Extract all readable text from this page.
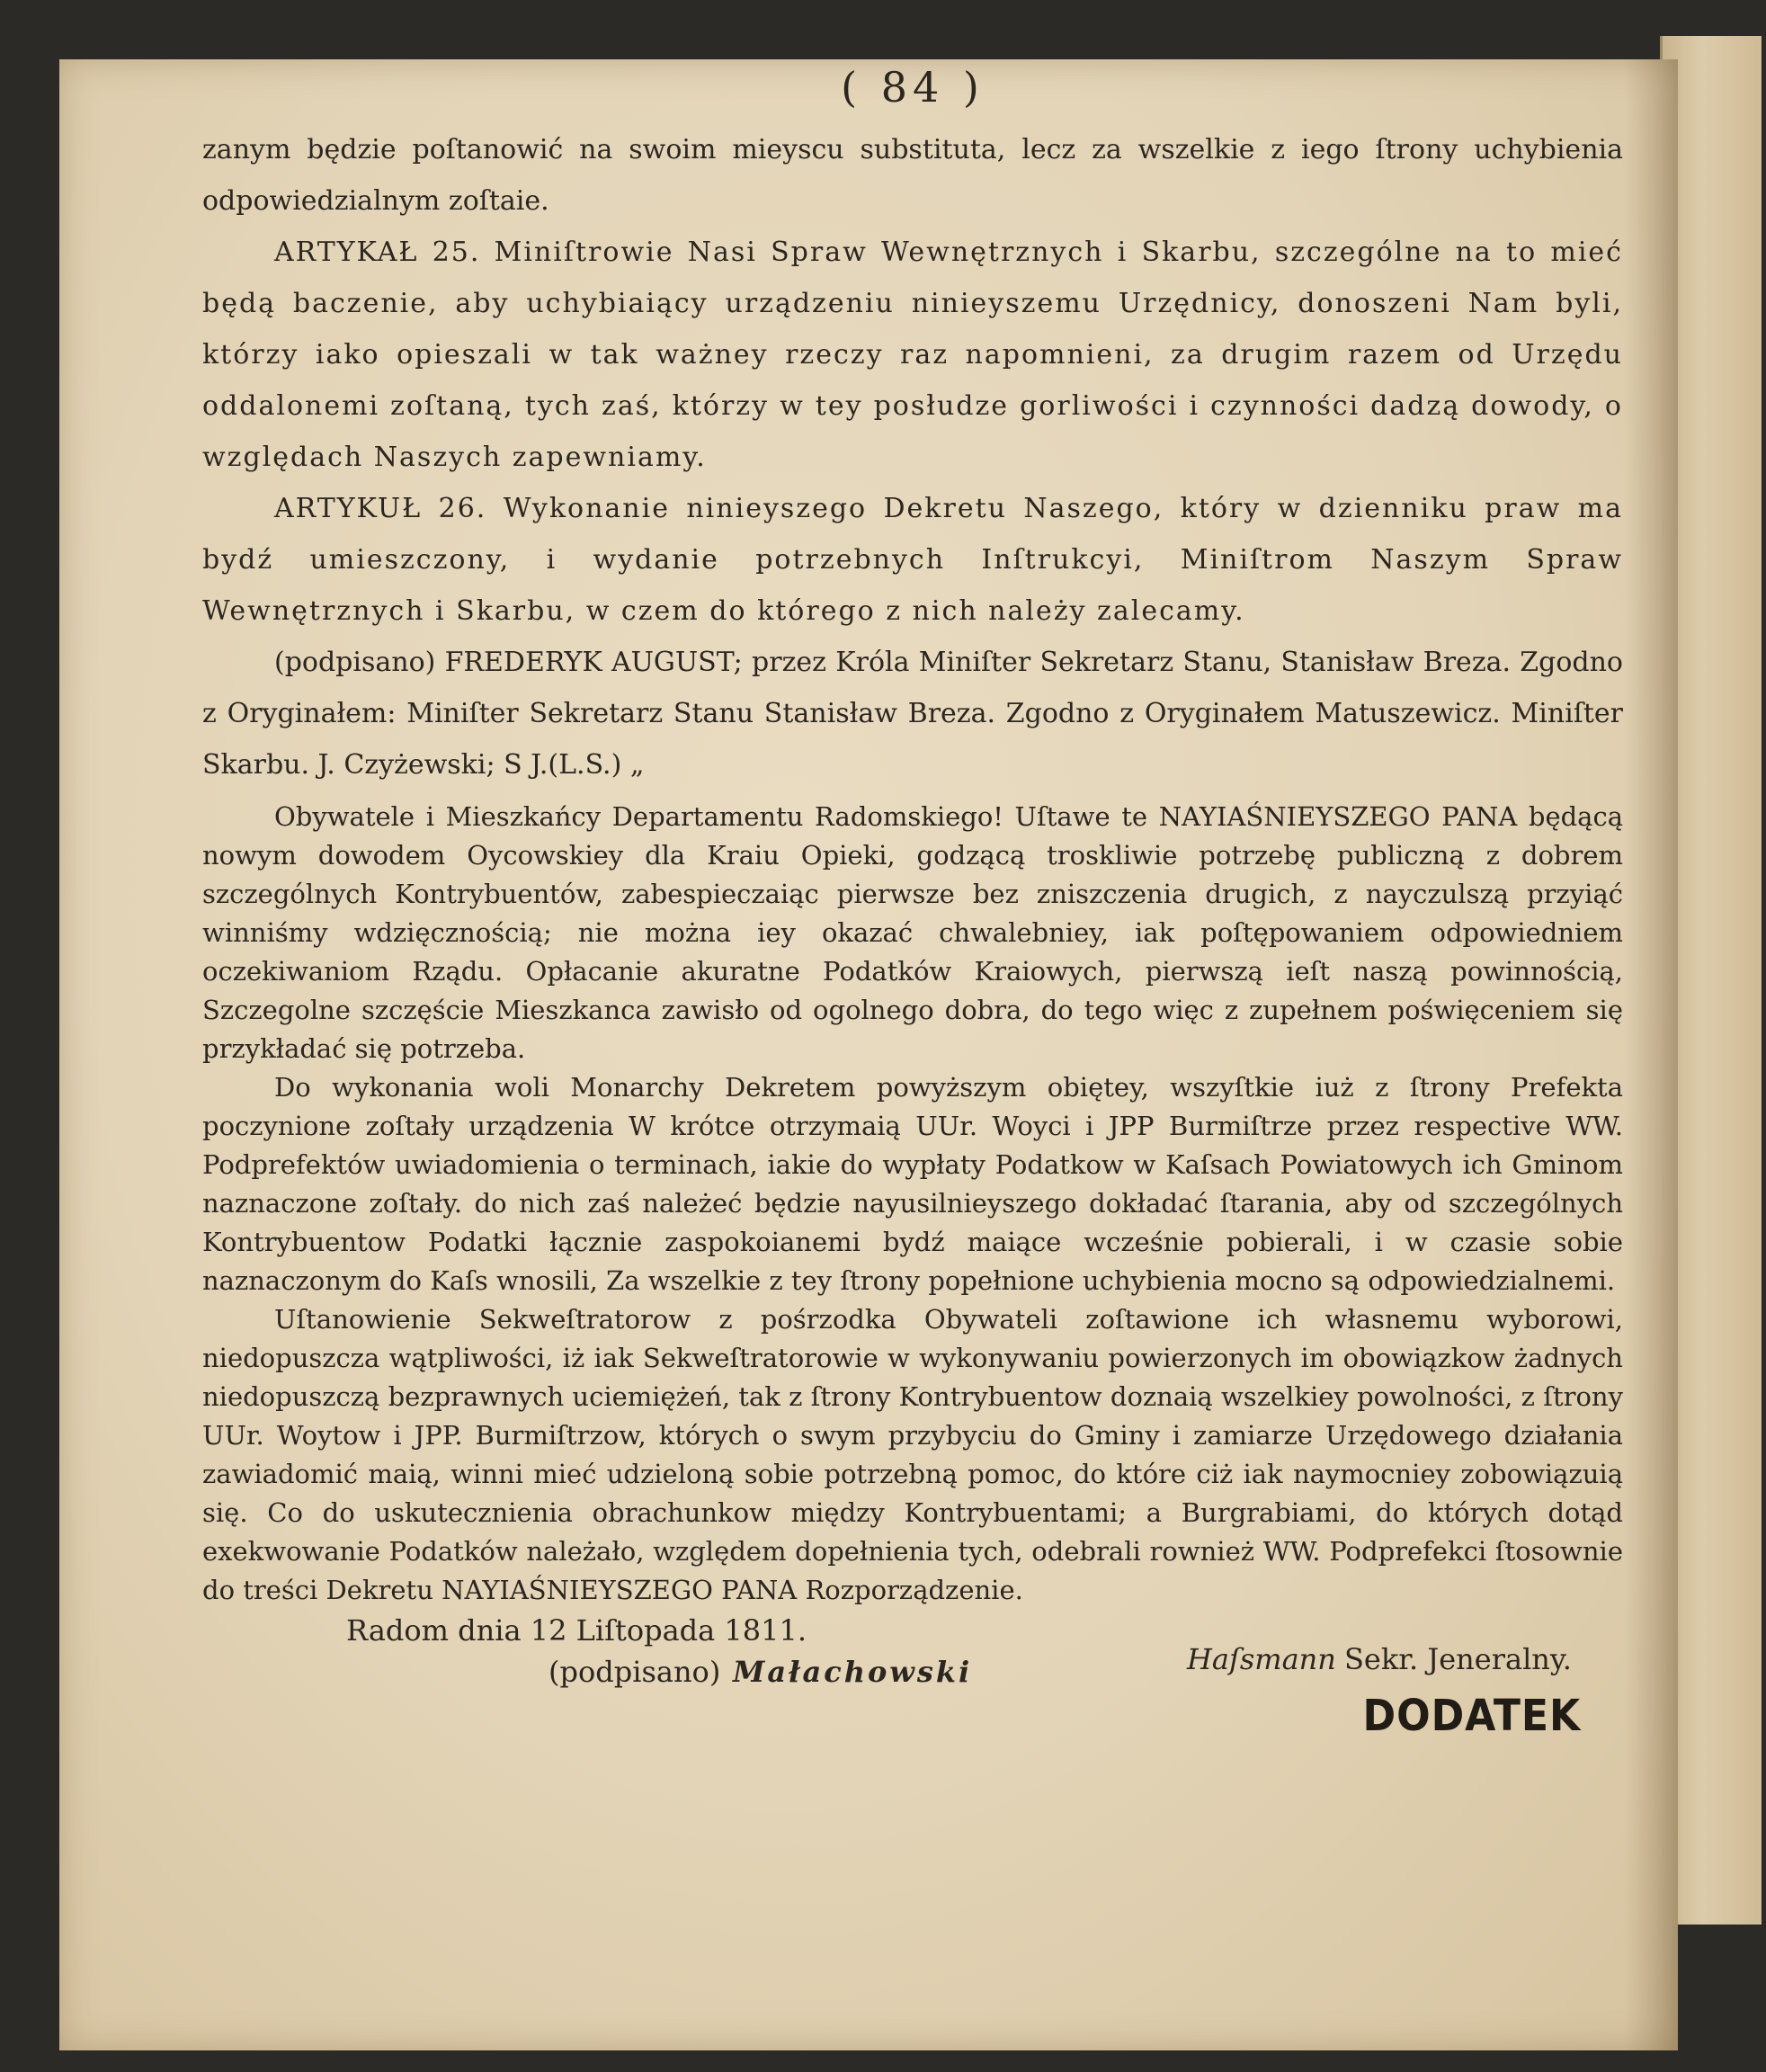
( 84 )

zanym będzie poſtanowić na swoim mieyscu substituta, lecz za wszelkie z iego ſtrony uchybienia odpowiedzialnym zoſtaie.

ARTYKAŁ 25. Miniſtrowie Nasi Spraw Wewnętrznych i Skarbu, szczególne na to mieć będą baczenie, aby uchybiaiący urządzeniu ninieyszemu Urzędnicy, donoszeni Nam byli, którzy iako opieszali w tak ważney rzeczy raz napomnieni, za drugim razem od Urzędu oddalonemi zoſtaną, tych zaś, którzy w tey posłudze gorliwości i czynności dadzą dowody, o względach Naszych zapewniamy.

ARTYKUŁ 26. Wykonanie ninieyszego Dekretu Naszego, który w dzienniku praw ma bydź umieszczony, i wydanie potrzebnych Inſtrukcyi, Miniſtrom Naszym Spraw Wewnętrznych i Skarbu, w czem do którego z nich należy zalecamy.

(podpisano) FREDERYK AUGUST; przez Króla Miniſter Sekretarz Stanu, Stanisław Breza. Zgodno z Oryginałem: Miniſter Sekretarz Stanu Stanisław Breza. Zgodno z Oryginałem Matuszewicz. Miniſter Skarbu. J. Czyżewski; S J.(L.S.) „

Obywatele i Mieszkańcy Departamentu Radomskiego! Uſtawe te NAYIAŚNIEYSZEGO PANA będącą nowym dowodem Oycowskiey dla Kraiu Opieki, godzącą troskliwie potrzebę publiczną z dobrem szczególnych Kontrybuentów, zabespieczaiąc pierwsze bez zniszczenia drugich, z nayczulszą przyiąć winniśmy wdzięcznością; nie można iey okazać chwalebniey, iak poſtępowaniem odpowiedniem oczekiwaniom Rządu. Opłacanie akuratne Podatków Kraiowych, pierwszą ieſt naszą powinnością, Szczegolne szczęście Mieszkanca zawisło od ogolnego dobra, do tego więc z zupełnem poświęceniem się przykładać się potrzeba.

Do wykonania woli Monarchy Dekretem powyższym obiętey, wszyſtkie iuż z ſtrony Prefekta poczynione zoſtały urządzenia W krótce otrzymaią UUr. Woyci i JPP Burmiſtrze przez respective WW. Podprefektów uwiadomienia o terminach, iakie do wypłaty Podatkow w Kaſsach Powiatowych ich Gminom naznaczone zoſtały. do nich zaś należeć będzie nayusilnieyszego dokładać ſtarania, aby od szczególnych Kontrybuentow Podatki łącznie zaspokoianemi bydź maiące wcześnie pobierali, i w czasie sobie naznaczonym do Kaſs wnosili, Za wszelkie z tey ſtrony popełnione uchybienia mocno są odpowiedzialnemi.

Uſtanowienie Sekweſtratorow z pośrzodka Obywateli zoſtawione ich własnemu wyborowi, niedopuszcza wątpliwości, iż iak Sekweſtratorowie w wykonywaniu powierzonych im obowiązkow żadnych niedopuszczą bezprawnych uciemiężeń, tak z ſtrony Kontrybuentow doznaią wszelkiey powolności, z ſtrony UUr. Woytow i JPP. Burmiſtrzow, których o swym przybyciu do Gminy i zamiarze Urzędowego działania zawiadomić maią, winni mieć udzieloną sobie potrzebną pomoc, do które ciż iak naymocniey zobowiązuią się. Co do uskutecznienia obrachunkow między Kontrybuentami; a Burgrabiami, do których dotąd exekwowanie Podatków należało, względem dopełnienia tych, odebrali rownież WW. Podprefekci ſtosownie do treści Dekretu NAYIAŚNIEYSZEGO PANA Rozporządzenie.

Radom dnia 12 Liſtopada 1811.
(podpisano) Małachowski	Haſsmann Sekr. Jeneralny.
DODATEK
